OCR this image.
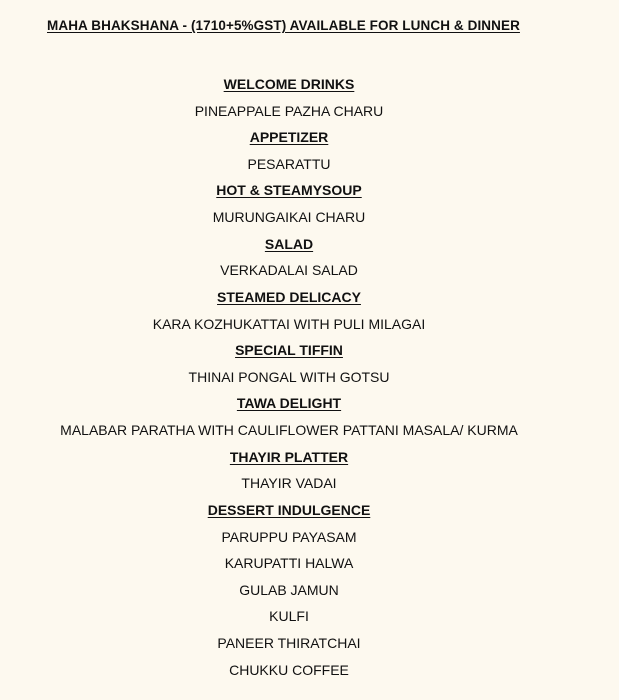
MAHA BHAKSHANA - (1710+5%GST) AVAILABLE FOR LUNCH & DINNER
WELCOME DRINKS
PINEAPPALE PAZHA CHARU
APPETIZER
PESARATTU
HOT & STEAMYSOUP
MURUNGAIKAI CHARU
SALAD
VERKADALAI SALAD
STEAMED DELICACY
KARA KOZHUKATTAI WITH PULI MILAGAI
SPECIAL TIFFIN
THINAI PONGAL WITH GOTSU
TAWA DELIGHT
MALABAR PARATHA WITH CAULIFLOWER PATTANI MASALA/ KURMA
THAYIR PLATTER
THAYIR VADAI
DESSERT INDULGENCE
PARUPPU PAYASAM
KARUPATTI HALWA
GULAB JAMUN
KULFI
PANEER THIRATCHAI
CHUKKU COFFEE
